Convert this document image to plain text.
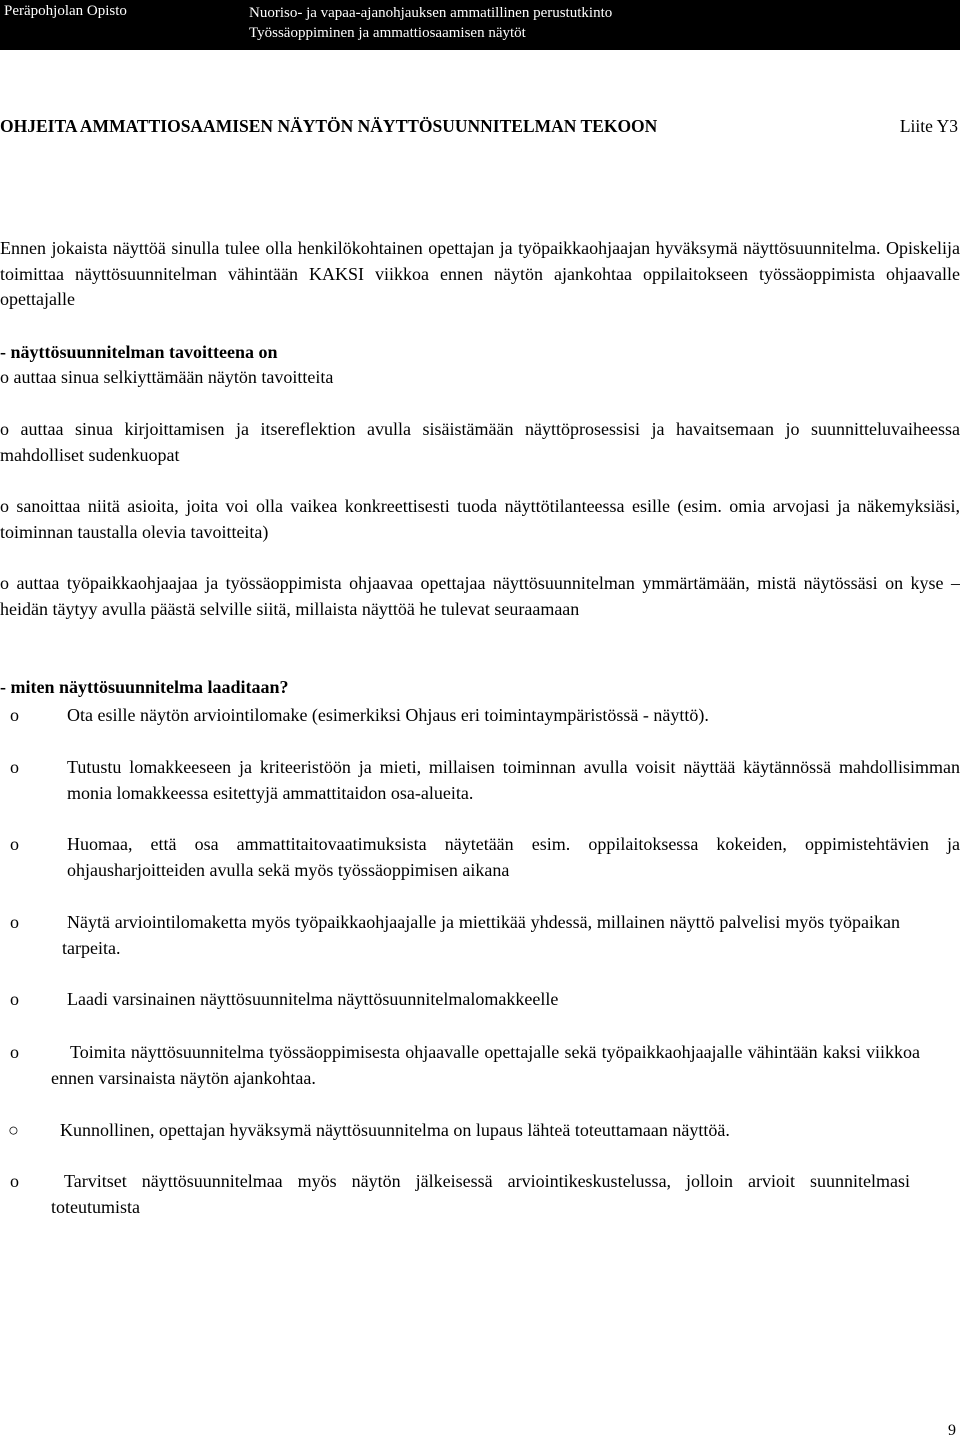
Peräpohjolan Opisto	Nuoriso- ja vapaa-ajanohjauksen ammatillinen perustutkinto
Työssäoppiminen ja ammattiosaamisen näytöt
OHJEITA AMMATTIOSAAMISEN NÄYTÖN NÄYTTÖSUUNNITELMAN TEKOON	Liite Y3
Ennen jokaista näyttöä sinulla tulee olla henkilökohtainen opettajan ja työpaikkaohjaajan hyväksymä näyttösuunnitelma. Opiskelija toimittaa näyttösuunnitelman vähintään KAKSI viikkoa ennen näytön ajankohtaa oppilaitokseen työssäoppimista ohjaavalle opettajalle
- näyttösuunnitelman tavoitteena on
o auttaa sinua selkiyttämään näytön tavoitteita
o auttaa sinua kirjoittamisen ja itsereflektion avulla sisäistämään näyttöprosessisi ja havaitsemaan jo suunnitteluvaiheessa mahdolliset sudenkuopat
o sanoittaa niitä asioita, joita voi olla vaikea konkreettisesti tuoda näyttötilanteessa esille (esim. omia arvojasi ja näkemyksiäsi, toiminnan taustalla olevia tavoitteita)
o auttaa työpaikkaohjaajaa ja työssäoppimista ohjaavaa opettajaa näyttösuunnitelman ymmärtämään, mistä näytössäsi on kyse – heidän täytyy avulla päästä selville siitä, millaista näyttöä he tulevat seuraamaan
- miten näyttösuunnitelma laaditaan?
o	Ota esille näytön arviointilomake (esimerkiksi Ohjaus eri toimintaympäristössä - näyttö).
o	Tutustu lomakkeeseen ja kriteeristöön ja mieti, millaisen toiminnan avulla voisit näyttää käytännössä mahdollisimman monia lomakkeessa esitettyjä ammattitaidon osa-alueita.
o	Huomaa, että osa ammattitaitovaatimuksista näytetään esim. oppilaitoksessa kokeiden, oppimistehtävien ja ohjausharjoitteiden avulla sekä myös työssäoppimisen aikana
o	Näytä arviointilomaketta myös työpaikkaohjaajalle ja miettikää yhdessä, millainen näyttö palvelisi myös työpaikan tarpeita.
o	Laadi varsinainen näyttösuunnitelma näyttösuunnitelmalomakkeelle
o	Toimita näyttösuunnitelma työssäoppimisesta ohjaavalle opettajalle sekä työpaikkaohjaajalle vähintään kaksi viikkoa ennen varsinaista näytön ajankohtaa.
○ Kunnollinen, opettajan hyväksymä näyttösuunnitelma on lupaus lähteä toteuttamaan näyttöä.
o	Tarvitset näyttösuunnitelmaa myös näytön jälkeisessä arviointikeskustelussa, jolloin arvioit suunnitelmasi toteutumista
9
